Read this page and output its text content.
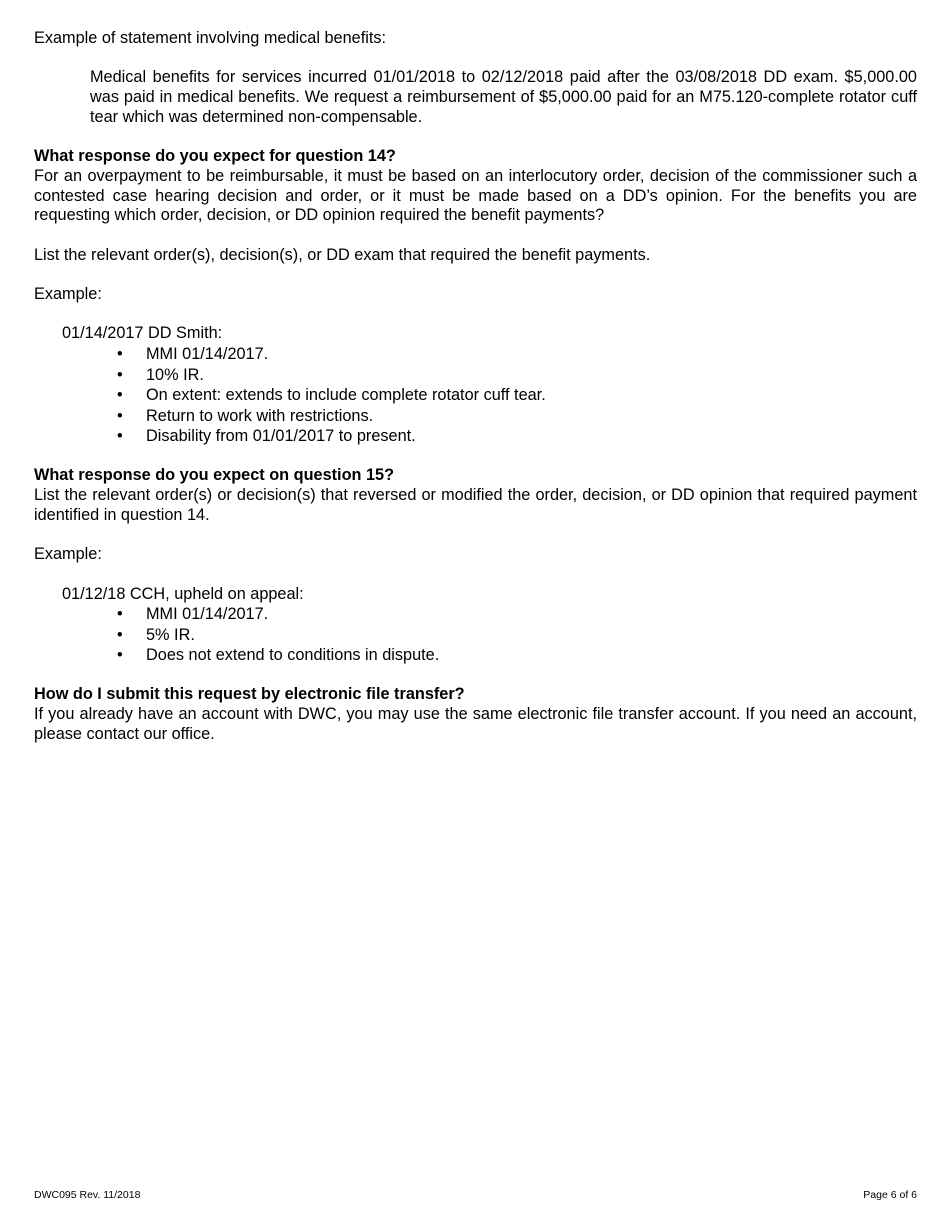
Example of statement involving medical benefits:

Medical benefits for services incurred 01/01/2018 to 02/12/2018 paid after the 03/08/2018 DD exam. $5,000.00 was paid in medical benefits. We request a reimbursement of $5,000.00 paid for an M75.120-complete rotator cuff tear which was determined non-compensable.

What response do you expect for question 14?

For an overpayment to be reimbursable, it must be based on an interlocutory order, decision of the commissioner such a contested case hearing decision and order, or it must be made based on a DD’s opinion. For the benefits you are requesting which order, decision, or DD opinion required the benefit payments?

List the relevant order(s), decision(s), or DD exam that required the benefit payments.

Example:

01/14/2017 DD Smith:

• MMI 01/14/2017.
• 10% IR.
• On extent: extends to include complete rotator cuff tear.
• Return to work with restrictions.
• Disability from 01/01/2017 to present.
What response do you expect on question 15?

List the relevant order(s) or decision(s) that reversed or modified the order, decision, or DD opinion that required payment identified in question 14.

Example:

01/12/18 CCH, upheld on appeal:

• MMI 01/14/2017.
• 5% IR.
• Does not extend to conditions in dispute.
How do I submit this request by electronic file transfer?

If you already have an account with DWC, you may use the same electronic file transfer account. If you need an account, please contact our office.

DWC095 Rev. 11/2018	Page 6 of 6
